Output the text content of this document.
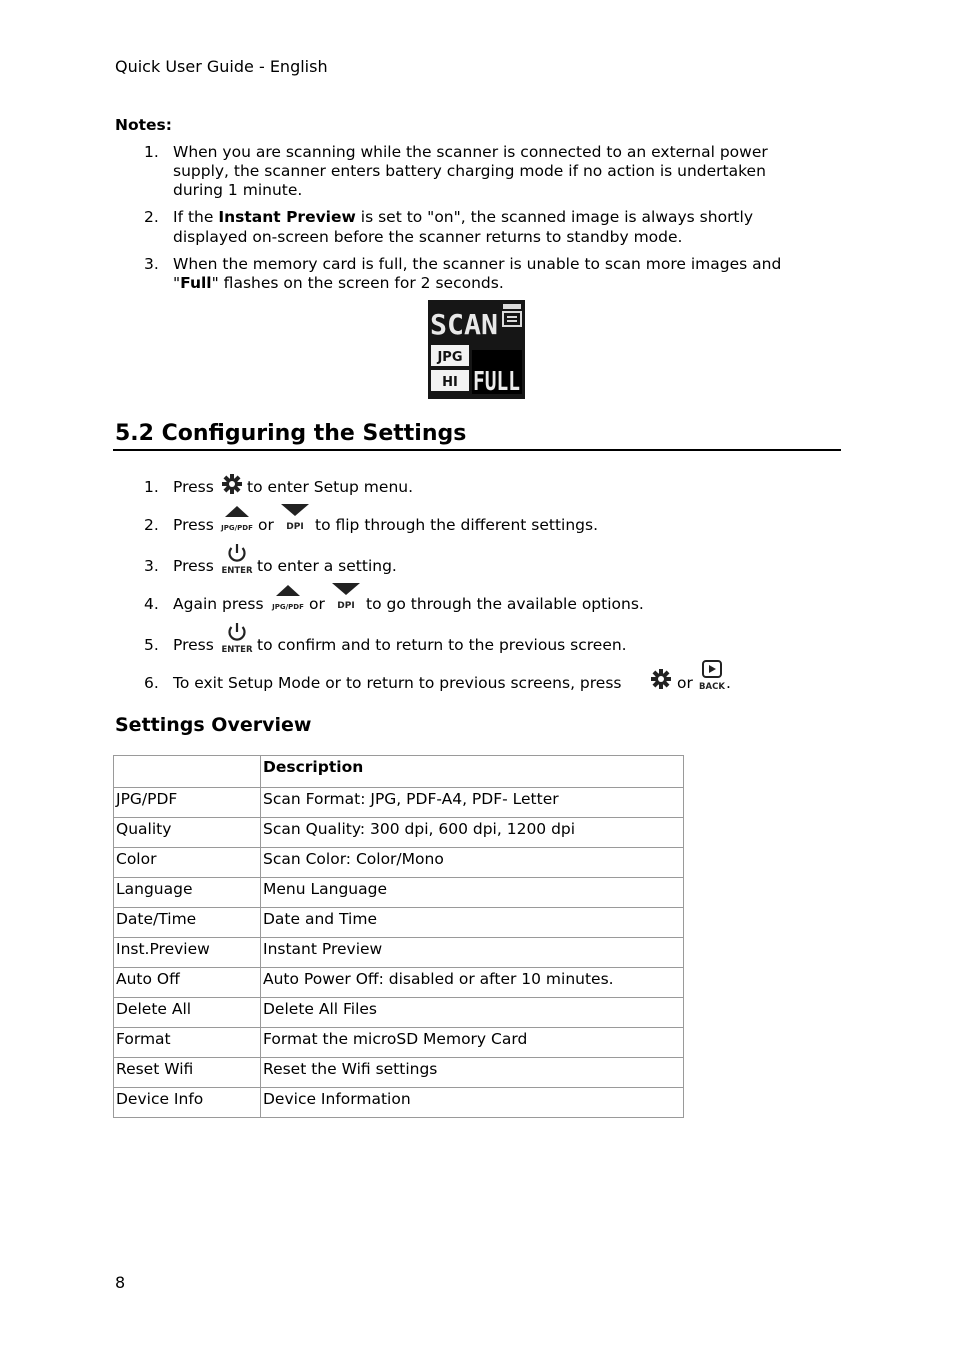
Quick User Guide - English
Notes:
1. When you are scanning while the scanner is connected to an external power
supply, the scanner enters battery charging mode if no action is undertaken
during 1 minute.
2. If the Instant Preview is set to "on", the scanned image is always shortly
displayed on-screen before the scanner returns to standby mode.
3. When the memory card is full, the scanner is unable to scan more images and
"Full" flashes on the screen for 2 seconds.
SCAN
JPG
HI FULL
5.2 Configuring the Settings
1. Press to enter Setup menu.
2. Press JPG/PDF or DPI to flip through the different settings.
3. Press ENTER to enter a setting.
4. Again press JPG/PDF or DPI to go through the available options.
5. Press ENTER to confirm and to return to the previous screen.
6. To exit Setup Mode or to return to previous screens, press	or BACK .
Settings Overview
	Description
JPG/PDF	Scan Format: JPG, PDF-A4, PDF- Letter
Quality	Scan Quality: 300 dpi, 600 dpi, 1200 dpi
Color	Scan Color: Color/Mono
Language	Menu Language
Date/Time	Date and Time
Inst.Preview	Instant Preview
Auto Off	Auto Power Off: disabled or after 10 minutes.
Delete All	Delete All Files
Format	Format the microSD Memory Card
Reset Wifi	Reset the Wifi settings
Device Info	Device Information
8
